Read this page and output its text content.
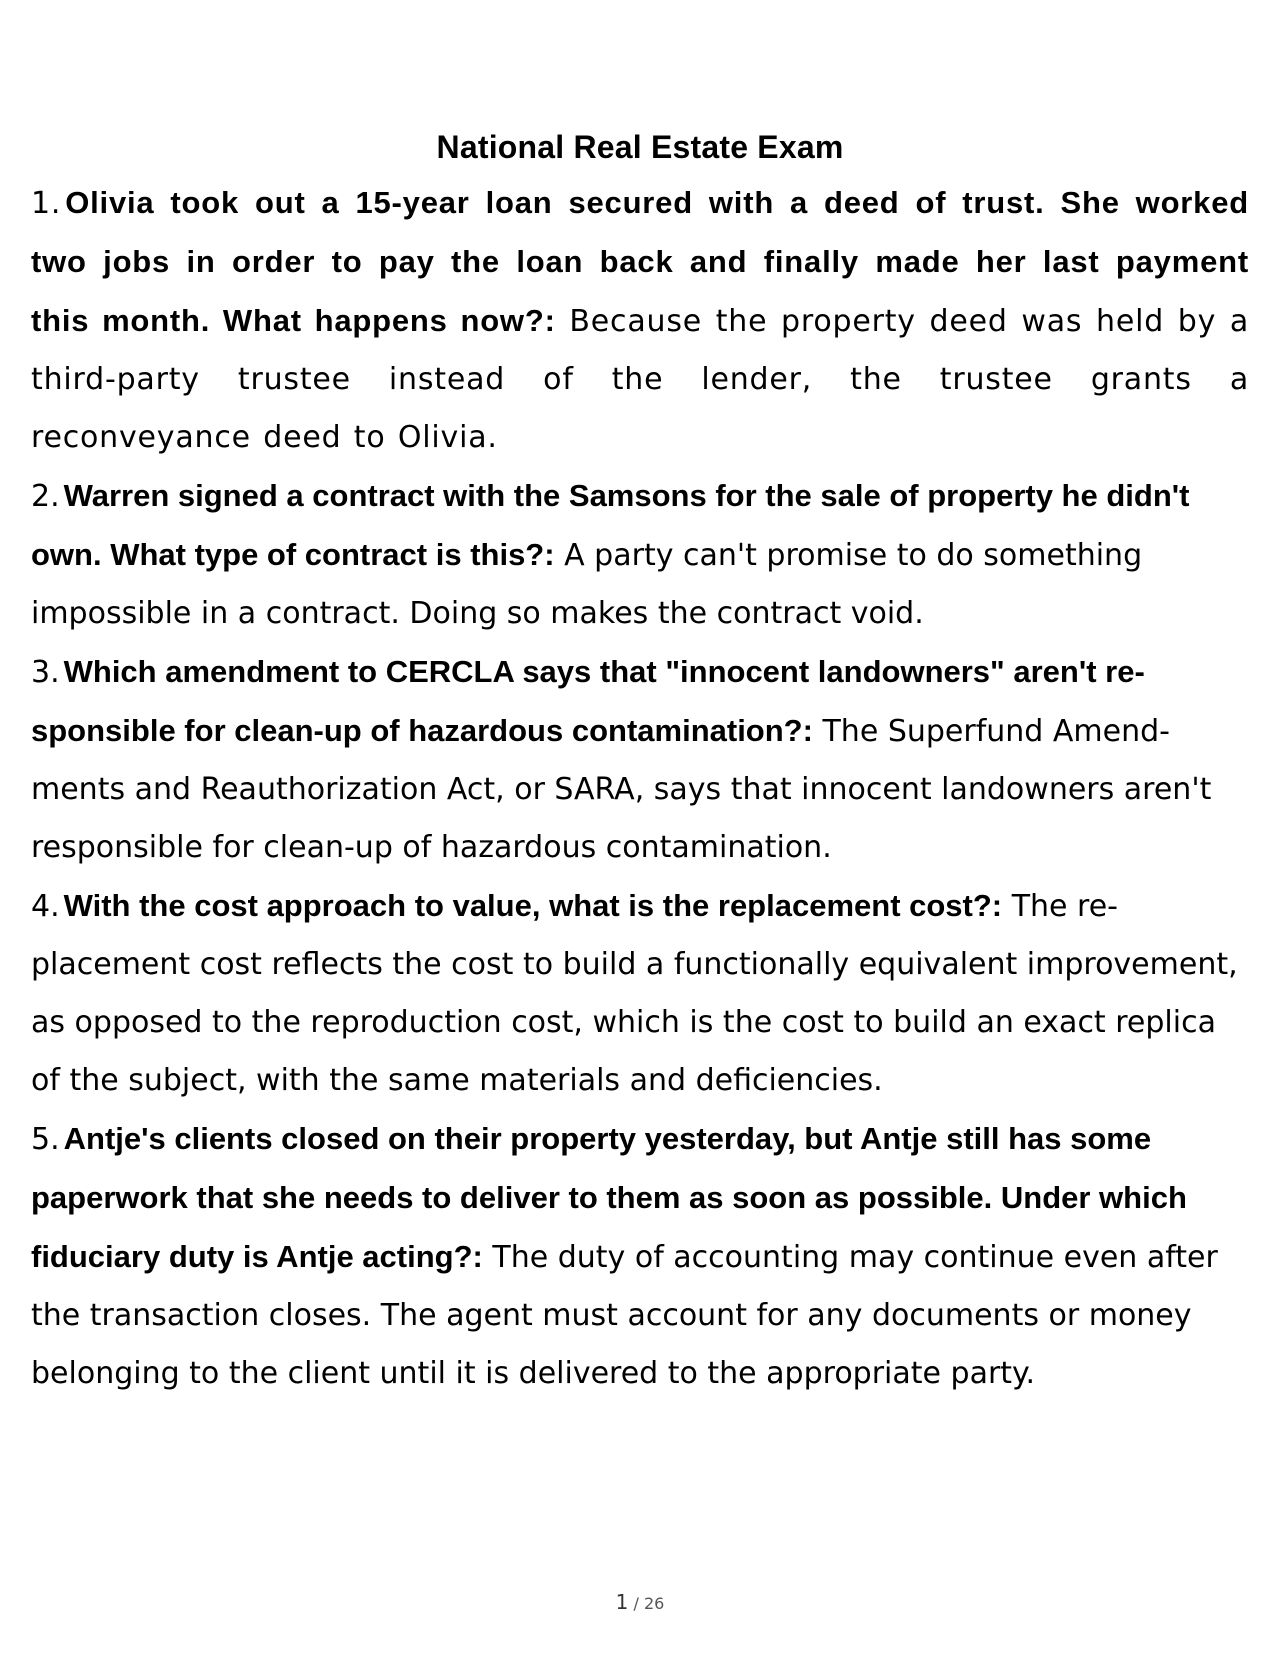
National Real Estate Exam

1. Olivia took out a 15-year loan secured with a deed of trust. She worked two jobs in order to pay the loan back and finally made her last payment this month. What happens now?: Because the property deed was held by a third-party trustee instead of the lender, the trustee grants a reconveyance deed to Olivia.

2. Warren signed a contract with the Samsons for the sale of property he didn't own. What type of contract is this?: A party can't promise to do something impossible in a contract. Doing so makes the contract void.

3. Which amendment to CERCLA says that "innocent landowners" aren't re- sponsible for clean-up of hazardous contamination?: The Superfund Amend- ments and Reauthorization Act, or SARA, says that innocent landowners aren't responsible for clean-up of hazardous contamination.

4. With the cost approach to value, what is the replacement cost?: The re- placement cost reflects the cost to build a functionally equivalent improvement, as opposed to the reproduction cost, which is the cost to build an exact replica of the subject, with the same materials and deficiencies.

5. Antje's clients closed on their property yesterday, but Antje still has some paperwork that she needs to deliver to them as soon as possible. Under which fiduciary duty is Antje acting?: The duty of accounting may continue even after the transaction closes. The agent must account for any documents or money belonging to the client until it is delivered to the appropriate party.

1 / 26
